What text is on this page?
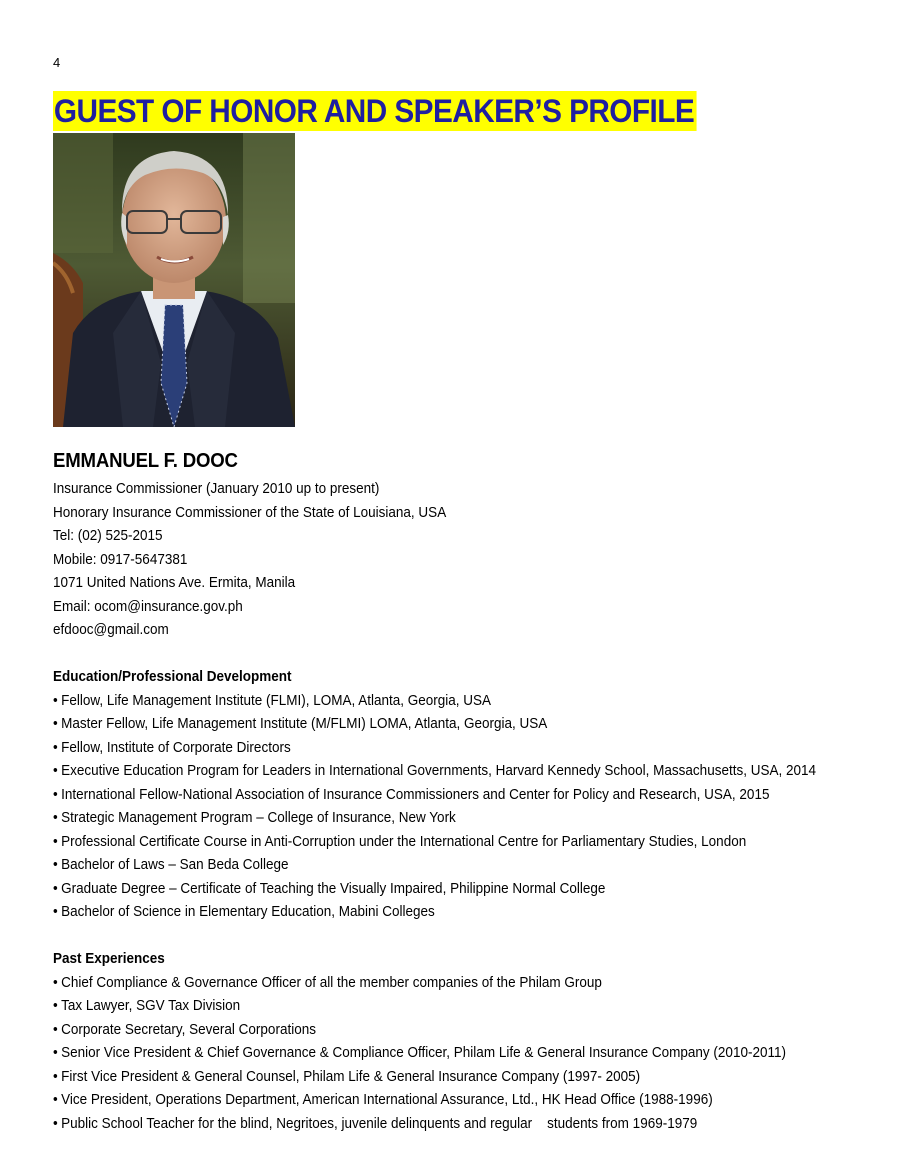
4
GUEST OF HONOR AND SPEAKER’S PROFILE
EMMANUEL F. DOOC
Insurance Commissioner (January 2010 up to present)
Honorary Insurance Commissioner of the State of Louisiana, USA
Tel: (02) 525-2015
Mobile: 0917-5647381
1071 United Nations Ave. Ermita, Manila
Email: ocom@insurance.gov.ph
efdooc@gmail.com
Education/Professional Development
• Fellow, Life Management Institute (FLMI), LOMA, Atlanta, Georgia, USA
• Master Fellow, Life Management Institute (M/FLMI) LOMA, Atlanta, Georgia, USA
• Fellow, Institute of Corporate Directors
• Executive Education Program for Leaders in International Governments, Harvard Kennedy School, Massachusetts, USA, 2014
• International Fellow-National Association of Insurance Commissioners and Center for Policy and Research, USA, 2015
• Strategic Management Program – College of Insurance, New York
• Professional Certificate Course in Anti-Corruption under the International Centre for Parliamentary Studies, London
• Bachelor of Laws – San Beda College
• Graduate Degree – Certificate of Teaching the Visually Impaired, Philippine Normal College
• Bachelor of Science in Elementary Education, Mabini Colleges
Past Experiences
• Chief Compliance & Governance Officer of all the member companies of the Philam Group
• Tax Lawyer, SGV Tax Division
• Corporate Secretary, Several Corporations
• Senior Vice President & Chief Governance & Compliance Officer, Philam Life & General Insurance Company (2010-2011)
• First Vice President & General Counsel, Philam Life & General Insurance Company (1997- 2005)
• Vice President, Operations Department, American International Assurance, Ltd., HK Head Office (1988-1996)
• Public School Teacher for the blind, Negritoes, juvenile delinquents and regular    students from 1969-1979
